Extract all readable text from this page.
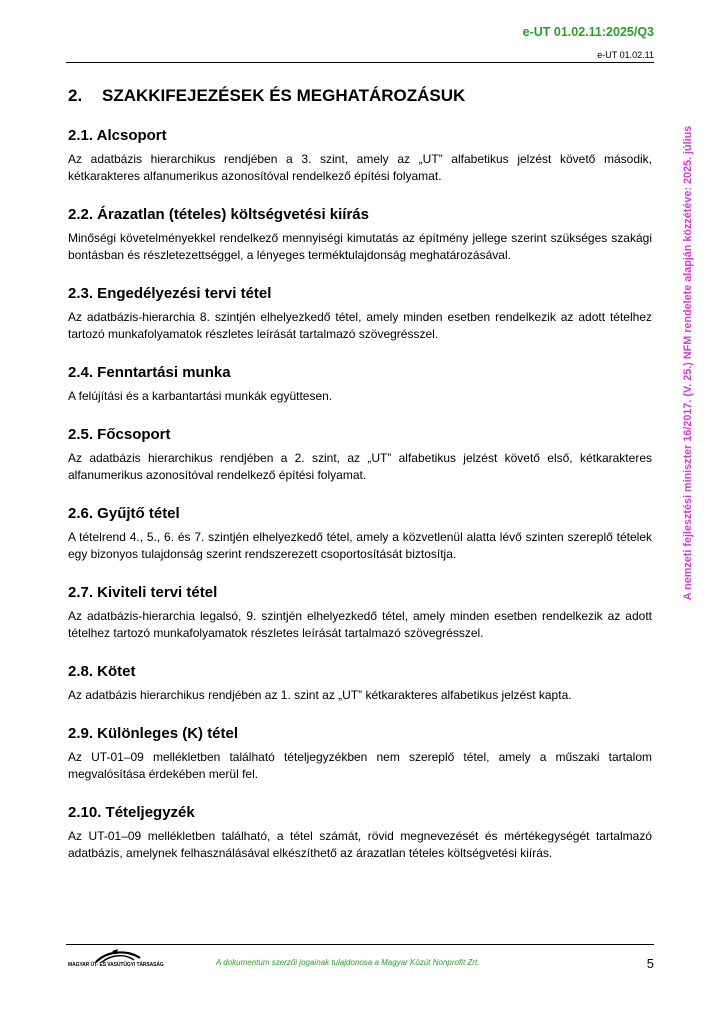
e-UT 01.02.11:2025/Q3
e-UT 01.02.11
A nemzeti fejlesztési miniszter 16/2017. (V. 25.) NFM rendelete alapján közzétéve: 2025. július
2.	SZAKKIFEJEZÉSEK ÉS MEGHATÁROZÁSUK
2.1. Alcsoport

Az adatbázis hierarchikus rendjében a 3. szint, amely az „UT” alfabetikus jelzést követő második, kétkarakteres alfanumerikus azonosítóval rendelkező építési folyamat.

2.2. Árazatlan (tételes) költségvetési kiírás

Minőségi követelményekkel rendelkező mennyiségi kimutatás az építmény jellege szerint szükséges szakági bontásban és részletezettséggel, a lényeges terméktulajdonság meghatározásával.

2.3. Engedélyezési tervi tétel

Az adatbázis-hierarchia 8. szintjén elhelyezkedő tétel, amely minden esetben rendelkezik az adott tételhez tartozó munkafolyamatok részletes leírását tartalmazó szövegrésszel.

2.4. Fenntartási munka

A felújítási és a karbantartási munkák együttesen.

2.5. Főcsoport

Az adatbázis hierarchikus rendjében a 2. szint, az „UT” alfabetikus jelzést követő első, kétkarakteres alfanumerikus azonosítóval rendelkező építési folyamat.

2.6. Gyűjtő tétel

A tételrend 4., 5., 6. és 7. szintjén elhelyezkedő tétel, amely a közvetlenül alatta lévő szinten szereplő tételek egy bizonyos tulajdonság szerint rendszerezett csoportosítását biztosítja.

2.7. Kiviteli tervi tétel

Az adatbázis-hierarchia legalsó, 9. szintjén elhelyezkedő tétel, amely minden esetben rendelkezik az adott tételhez tartozó munkafolyamatok részletes leírását tartalmazó szövegrésszel.

2.8. Kötet

Az adatbázis hierarchikus rendjében az 1. szint az „UT” kétkarakteres alfabetikus jelzést kapta.

2.9. Különleges (K) tétel

Az UT-01–09 mellékletben található tételjegyzékben nem szereplő tétel, amely a műszaki tartalom megvalósítása érdekében merül fel.

2.10. Tételjegyzék

Az UT-01–09 mellékletben található, a tétel számát, rövid megnevezését és mértékegységét tartalmazó adatbázis, amelynek felhasználásával elkészíthető az árazatlan tételes költségvetési kiírás.

MAGYAR ÚT- ÉS VASÚTÜGYI TÁRSASÁG	A dokumentum szerzői jogainak tulajdonosa a Magyar Közút Nonprofit Zrt.	5
